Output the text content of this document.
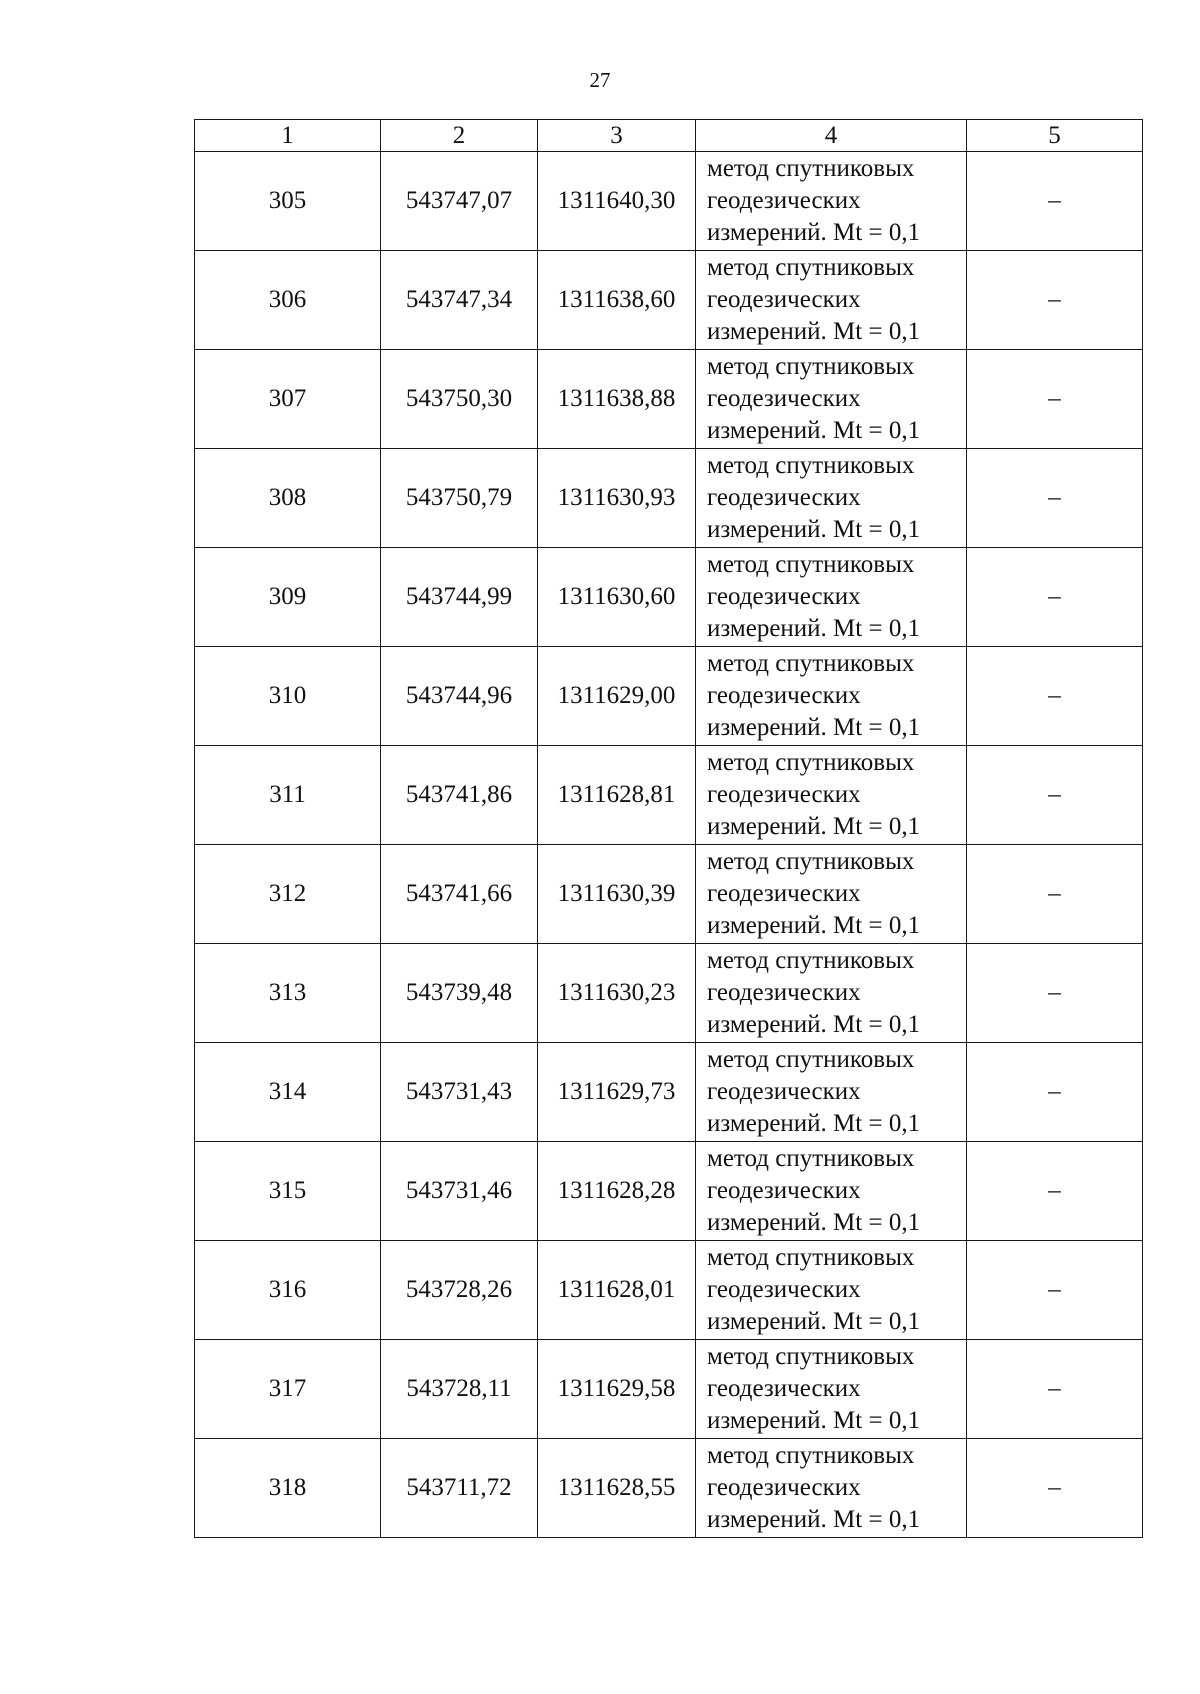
27
1	2	3	4	5
305	543747,07	1311640,30	метод спутниковых
геодезических
измерений. Mt = 0,1	–
306	543747,34	1311638,60	метод спутниковых
геодезических
измерений. Mt = 0,1	–
307	543750,30	1311638,88	метод спутниковых
геодезических
измерений. Mt = 0,1	–
308	543750,79	1311630,93	метод спутниковых
геодезических
измерений. Mt = 0,1	–
309	543744,99	1311630,60	метод спутниковых
геодезических
измерений. Mt = 0,1	–
310	543744,96	1311629,00	метод спутниковых
геодезических
измерений. Mt = 0,1	–
311	543741,86	1311628,81	метод спутниковых
геодезических
измерений. Mt = 0,1	–
312	543741,66	1311630,39	метод спутниковых
геодезических
измерений. Mt = 0,1	–
313	543739,48	1311630,23	метод спутниковых
геодезических
измерений. Mt = 0,1	–
314	543731,43	1311629,73	метод спутниковых
геодезических
измерений. Mt = 0,1	–
315	543731,46	1311628,28	метод спутниковых
геодезических
измерений. Mt = 0,1	–
316	543728,26	1311628,01	метод спутниковых
геодезических
измерений. Mt = 0,1	–
317	543728,11	1311629,58	метод спутниковых
геодезических
измерений. Mt = 0,1	–
318	543711,72	1311628,55	метод спутниковых
геодезических
измерений. Mt = 0,1	–
